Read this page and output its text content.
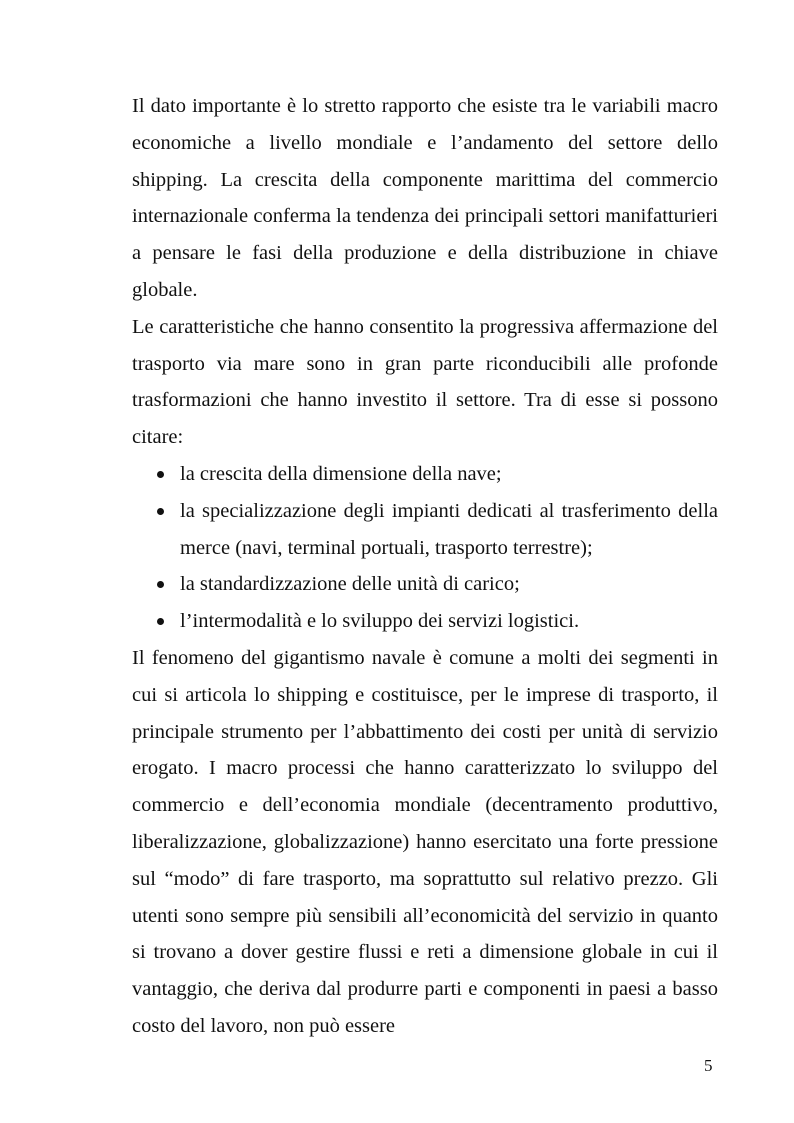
Il dato importante è lo stretto rapporto che esiste tra le variabili macro economiche a livello mondiale e l’andamento del settore dello shipping. La crescita della componente marittima del commercio internazionale conferma la tendenza dei principali settori manifatturieri a pensare le fasi della produzione e della distribuzione in chiave globale.

Le caratteristiche che hanno consentito la progressiva affermazione del trasporto via mare sono in gran parte riconducibili alle profonde trasformazioni che hanno investito il settore. Tra di esse si possono citare:

la crescita della dimensione della nave;
la specializzazione degli impianti dedicati al trasferimento della merce (navi, terminal portuali, trasporto terrestre);
la standardizzazione delle unità di carico;
l’intermodalità e lo sviluppo dei servizi logistici.

Il fenomeno del gigantismo navale è comune a molti dei segmenti in cui si articola lo shipping e costituisce, per le imprese di trasporto, il principale strumento per l’abbattimento dei costi per unità di servizio erogato. I macro processi che hanno caratterizzato lo sviluppo del commercio e dell’economia mondiale (decentramento produttivo, liberalizzazione, globalizzazione) hanno esercitato una forte pressione sul “modo” di fare trasporto, ma soprattutto sul relativo prezzo. Gli utenti sono sempre più sensibili all’economicità del servizio in quanto si trovano a dover gestire flussi e reti a dimensione globale in cui il vantaggio, che deriva dal produrre parti e componenti in paesi a basso costo del lavoro, non può essere

5
